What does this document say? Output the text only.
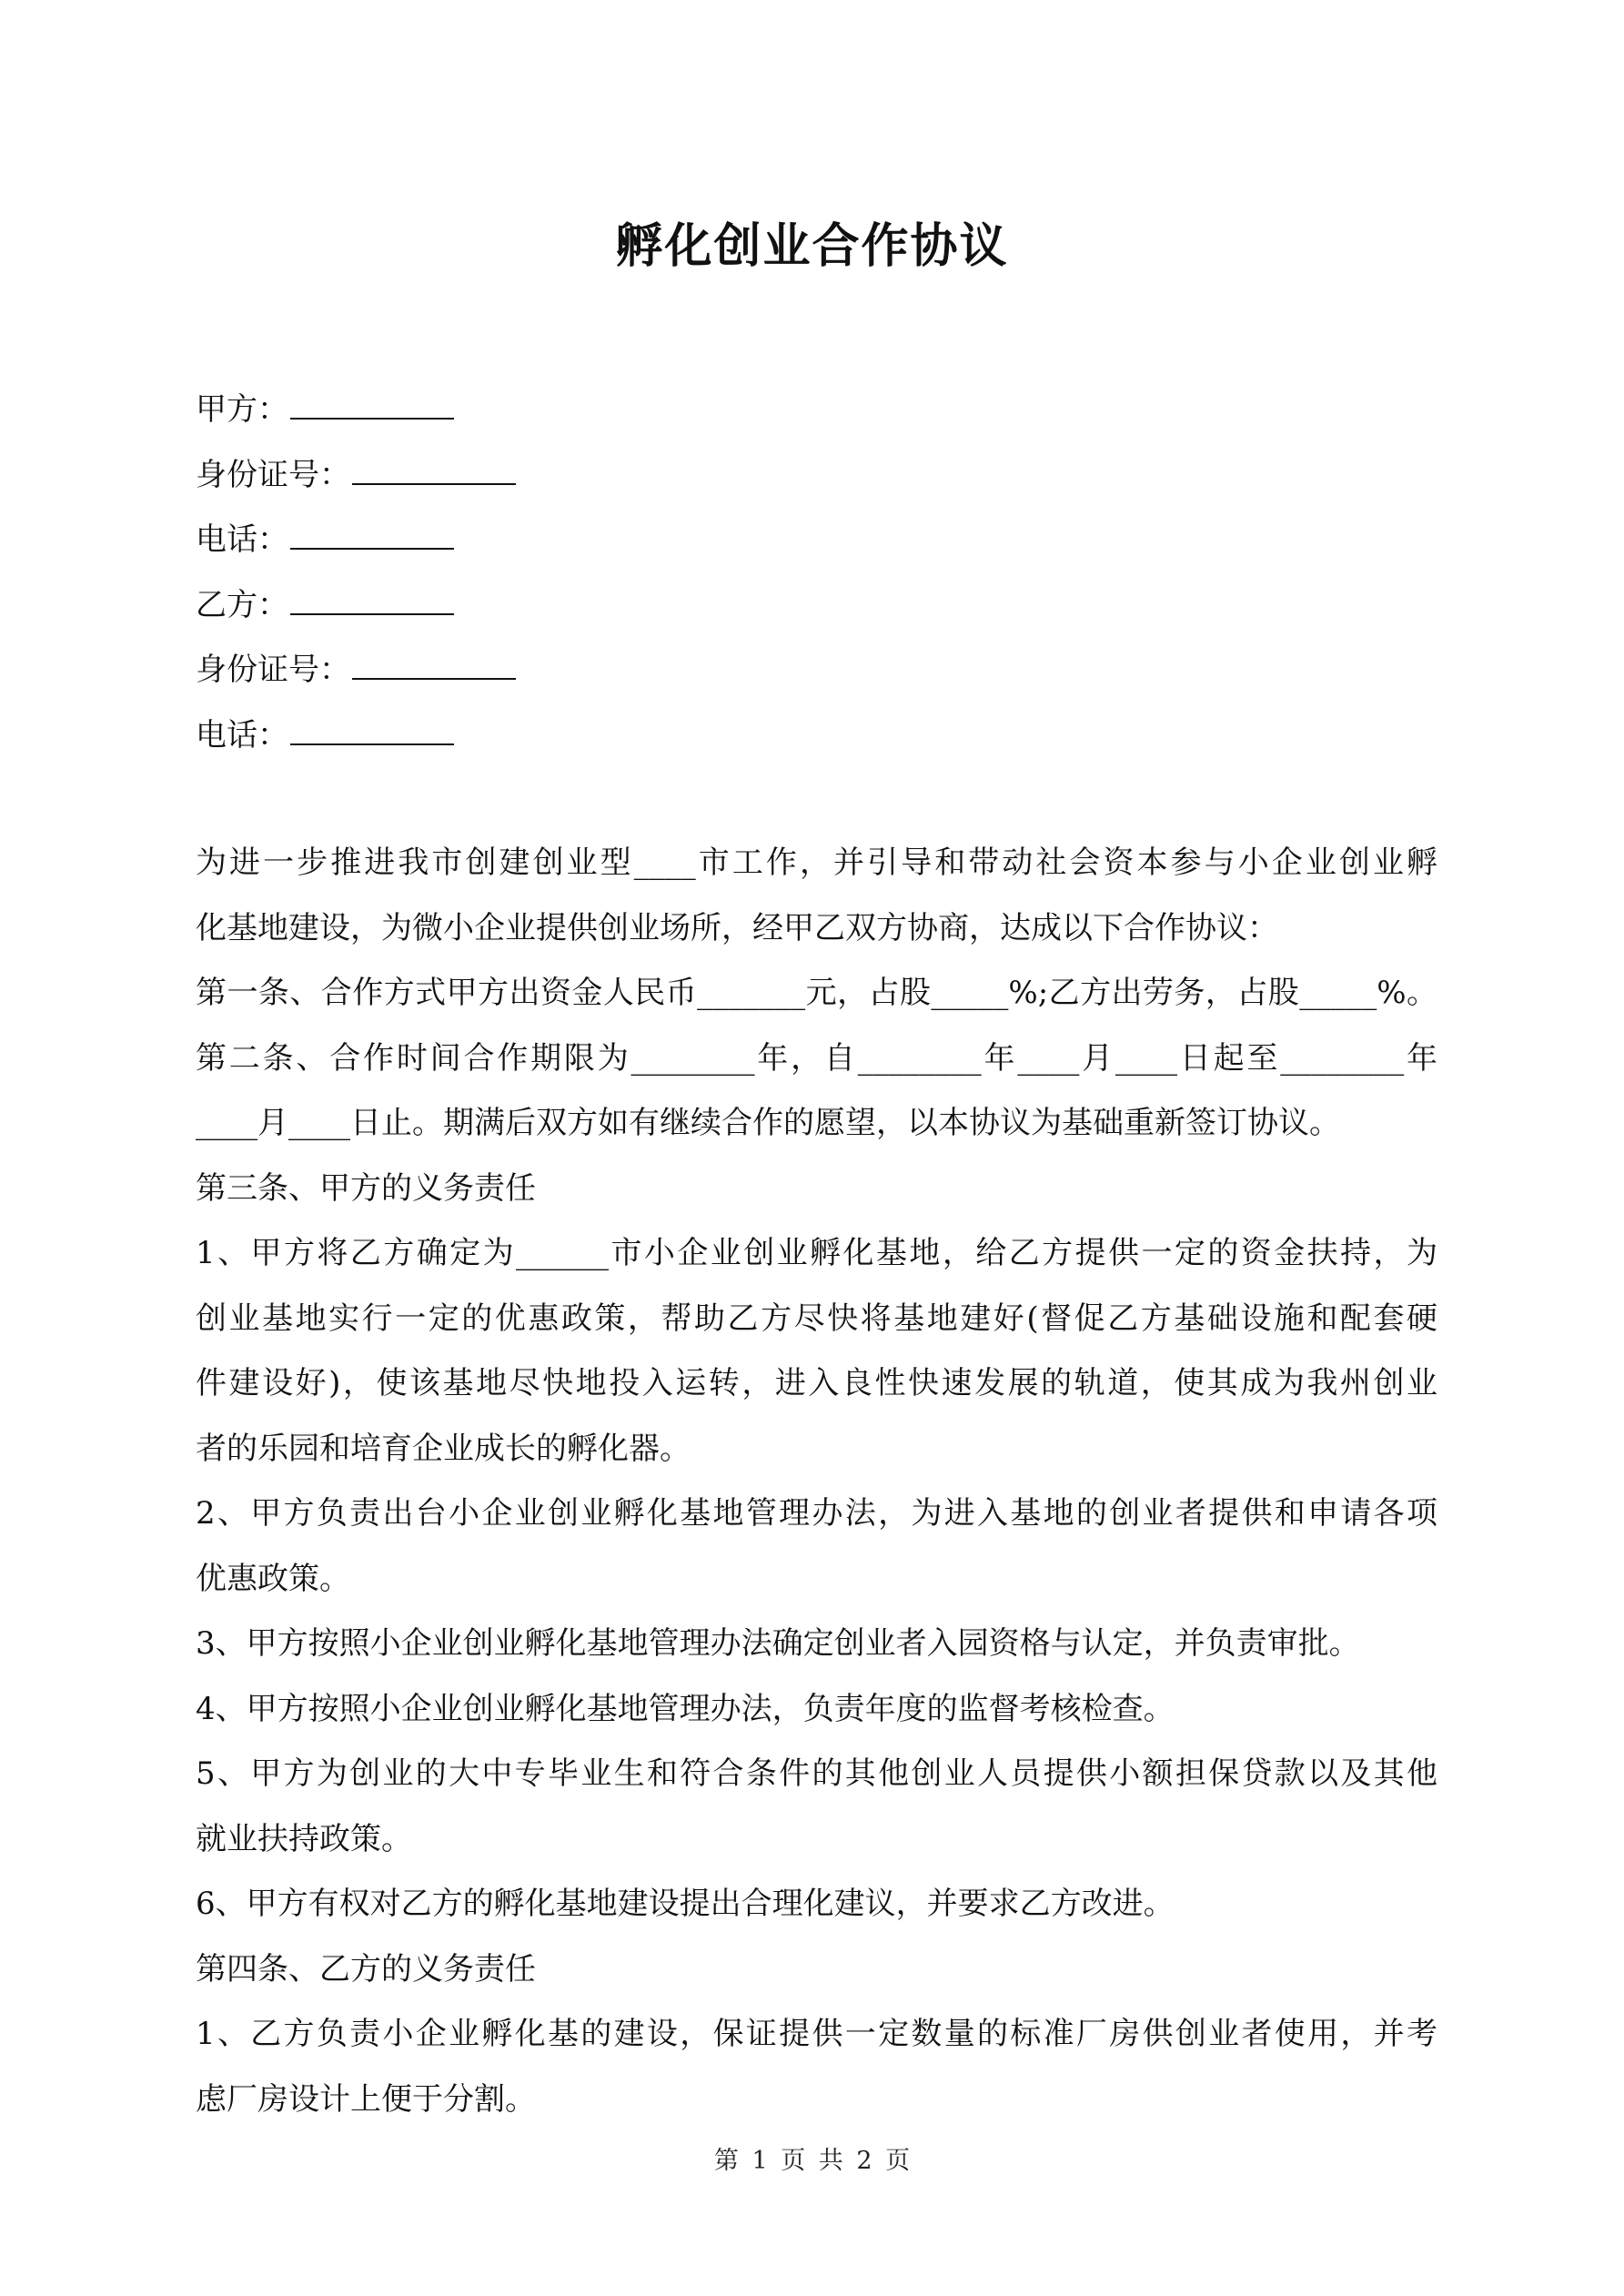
孵化创业合作协议
甲方：
身份证号：
电话：
乙方：
身份证号：
电话：
为进一步推进我市创建创业型____市工作，并引导和带动社会资本参与小企业创业孵
化基地建设，为微小企业提供创业场所，经甲乙双方协商，达成以下合作协议：
第一条、合作方式甲方出资金人民币_______元，占股_____%;乙方出劳务，占股_____%。
第二条、合作时间合作期限为________年，自________年____月____日起至________年
____月____日止。期满后双方如有继续合作的愿望，以本协议为基础重新签订协议。
第三条、甲方的义务责任
1、甲方将乙方确定为______市小企业创业孵化基地，给乙方提供一定的资金扶持，为
创业基地实行一定的优惠政策，帮助乙方尽快将基地建好(督促乙方基础设施和配套硬
件建设好)，使该基地尽快地投入运转，进入良性快速发展的轨道，使其成为我州创业
者的乐园和培育企业成长的孵化器。
2、甲方负责出台小企业创业孵化基地管理办法，为进入基地的创业者提供和申请各项
优惠政策。
3、甲方按照小企业创业孵化基地管理办法确定创业者入园资格与认定，并负责审批。
4、甲方按照小企业创业孵化基地管理办法，负责年度的监督考核检查。
5、甲方为创业的大中专毕业生和符合条件的其他创业人员提供小额担保贷款以及其他
就业扶持政策。
6、甲方有权对乙方的孵化基地建设提出合理化建议，并要求乙方改进。
第四条、乙方的义务责任
1、乙方负责小企业孵化基的建设，保证提供一定数量的标准厂房供创业者使用，并考
虑厂房设计上便于分割。
第 1 页 共 2 页
